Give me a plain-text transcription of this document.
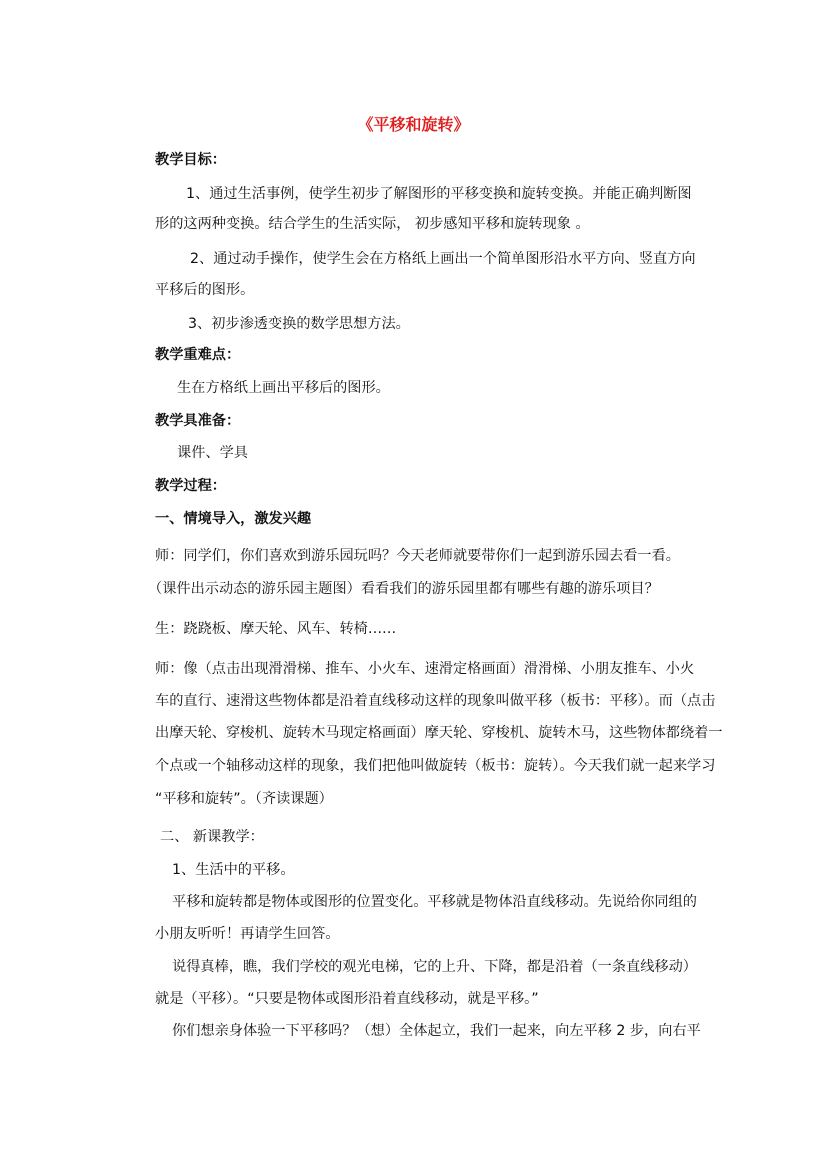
《平移和旋转》
教学目标：
1、通过生活事例，使学生初步了解图形的平移变换和旋转变换。并能正确判断图
形的这两种变换。结合学生的生活实际， 初步感知平移和旋转现象 。
2、通过动手操作，使学生会在方格纸上画出一个简单图形沿水平方向、竖直方向
平移后的图形。
3、初步渗透变换的数学思想方法。
教学重难点：
生在方格纸上画出平移后的图形。
教学具准备：
课件、学具
教学过程：
一、情境导入，激发兴趣
师：同学们，你们喜欢到游乐园玩吗？今天老师就要带你们一起到游乐园去看一看。
（课件出示动态的游乐园主题图）看看我们的游乐园里都有哪些有趣的游乐项目？
生：跷跷板、摩天轮、风车、转椅……
师：像（点击出现滑滑梯、推车、小火车、速滑定格画面）滑滑梯、小朋友推车、小火
车的直行、速滑这些物体都是沿着直线移动这样的现象叫做平移（板书：平移）。而（点击
出摩天轮、穿梭机、旋转木马现定格画面）摩天轮、穿梭机、旋转木马，这些物体都绕着一
个点或一个轴移动这样的现象，我们把他叫做旋转（板书：旋转）。今天我们就一起来学习
“平移和旋转”。（齐读课题）
二、 新课教学：
1、生活中的平移。
平移和旋转都是物体或图形的位置变化。平移就是物体沿直线移动。先说给你同组的
小朋友听听！再请学生回答。
说得真棒，瞧，我们学校的观光电梯，它的上升、下降，都是沿着（一条直线移动）
就是（平移）。“只要是物体或图形沿着直线移动，就是平移。”
你们想亲身体验一下平移吗？（想）全体起立，我们一起来，向左平移 2 步，向右平
